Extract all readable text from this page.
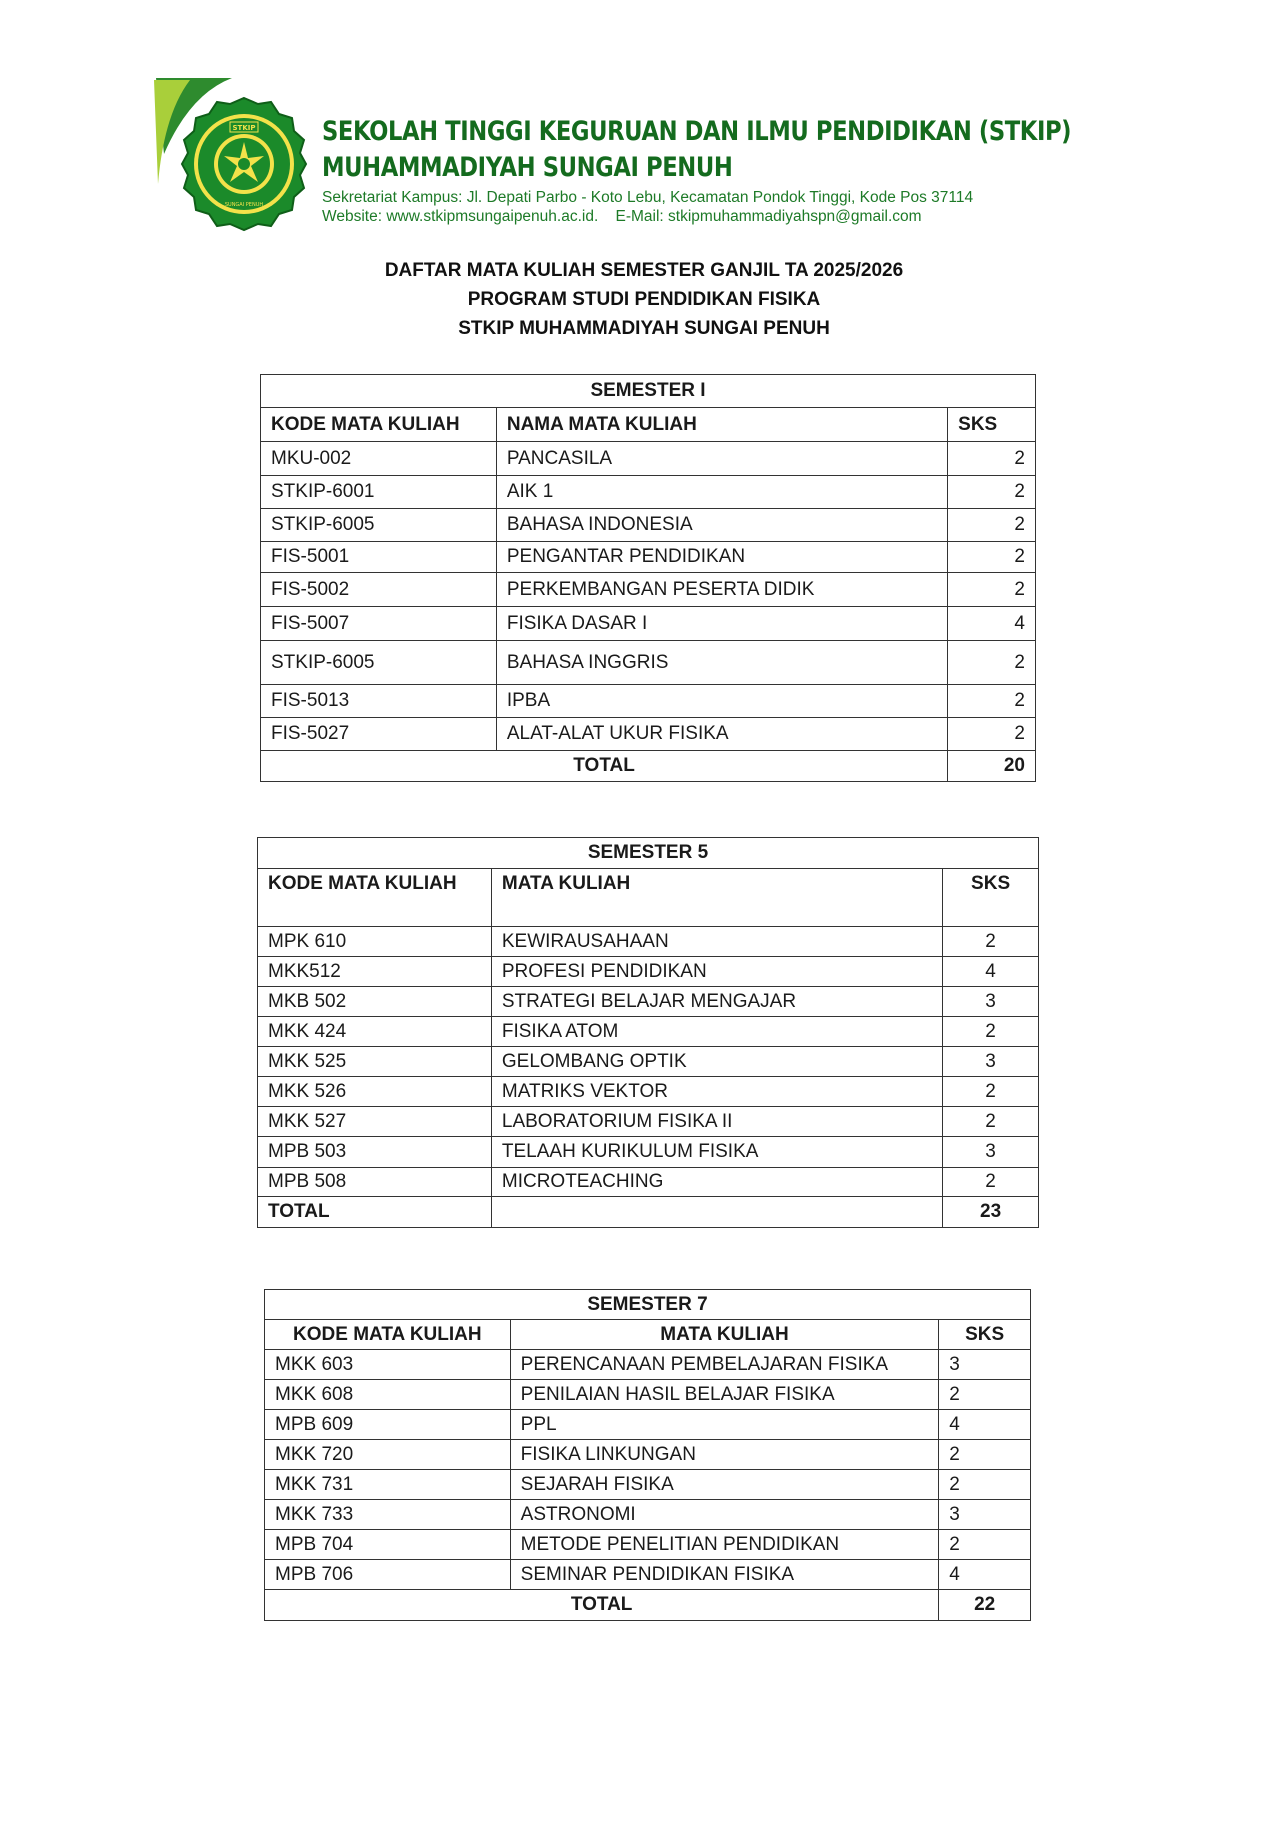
STKIP
SUNGAI PENUH
SEKOLAH TINGGI KEGURUAN DAN ILMU PENDIDIKAN (STKIP)
MUHAMMADIYAH SUNGAI PENUH
Sekretariat Kampus: Jl. Depati Parbo - Koto Lebu, Kecamatan Pondok Tinggi, Kode Pos 37114
Website: www.stkipmsungaipenuh.ac.id. E-Mail: stkipmuhammadiyahspn@gmail.com
DAFTAR MATA KULIAH SEMESTER GANJIL TA 2025/2026
PROGRAM STUDI PENDIDIKAN FISIKA
STKIP MUHAMMADIYAH SUNGAI PENUH
SEMESTER I		
KODE MATA KULIAH	NAMA MATA KULIAH	SKS
MKU-002	PANCASILA	2
STKIP-6001	AIK 1	2
STKIP-6005	BAHASA INDONESIA	2
FIS-5001	PENGANTAR PENDIDIKAN	2
FIS-5002	PERKEMBANGAN PESERTA DIDIK	2
FIS-5007	FISIKA DASAR I	4
STKIP-6005	BAHASA INGGRIS	2
FIS-5013	IPBA	2
FIS-5027	ALAT-ALAT UKUR FISIKA	2
TOTAL		20
SEMESTER 5		
KODE MATA KULIAH	MATA KULIAH	SKS
MPK 610	KEWIRAUSAHAAN	2
MKK512	PROFESI PENDIDIKAN	4
MKB 502	STRATEGI BELAJAR MENGAJAR	3
MKK 424	FISIKA ATOM	2
MKK 525	GELOMBANG OPTIK	3
MKK 526	MATRIKS VEKTOR	2
MKK 527	LABORATORIUM FISIKA II	2
MPB 503	TELAAH KURIKULUM FISIKA	3
MPB 508	MICROTEACHING	2
TOTAL		23
SEMESTER 7		
KODE MATA KULIAH	MATA KULIAH	SKS
MKK 603	PERENCANAAN PEMBELAJARAN FISIKA	3
MKK 608	PENILAIAN HASIL BELAJAR FISIKA	2
MPB 609	PPL	4
MKK 720	FISIKA LINKUNGAN	2
MKK 731	SEJARAH FISIKA	2
MKK 733	ASTRONOMI	3
MPB 704	METODE PENELITIAN PENDIDIKAN	2
MPB 706	SEMINAR PENDIDIKAN FISIKA	4
TOTAL		22
